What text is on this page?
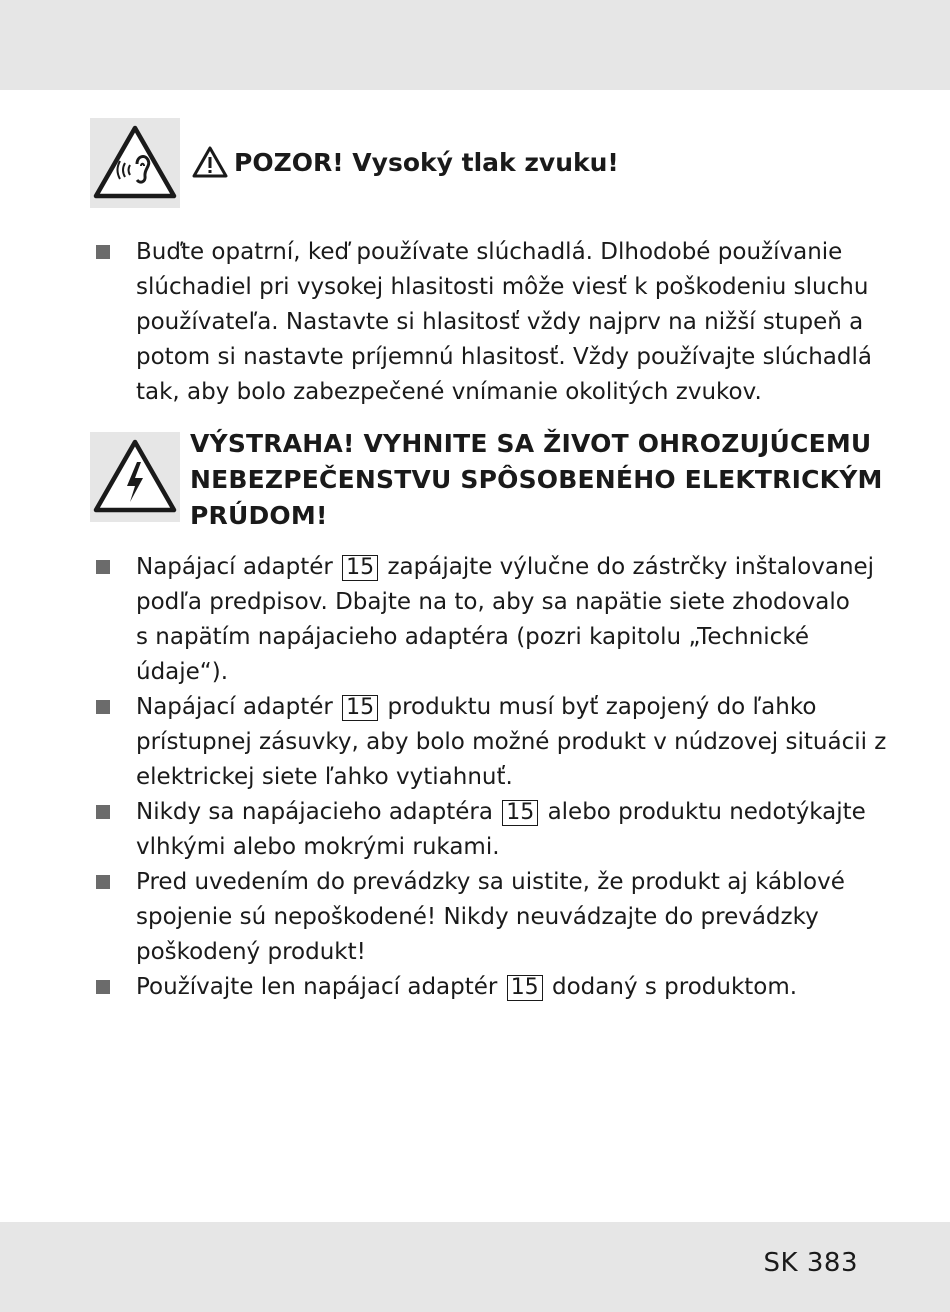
POZOR! Vysoký tlak zvuku!
Buďte opatrní, keď používate slúchadlá. Dlhodobé používanie
slúchadiel pri vysokej hlasitosti môže viesť k poškodeniu sluchu
používateľa. Nastavte si hlasitosť vždy najprv na nižší stupeň a
potom si nastavte príjemnú hlasitosť. Vždy používajte slúchadlá
tak, aby bolo zabezpečené vnímanie okolitých zvukov.
VÝSTRAHA! VYHNITE SA ŽIVOT OHROZUJÚCEMU
NEBEZPEČENSTVU SPÔSOBENÉHO ELEKTRICKÝM
PRÚDOM!
Napájací adaptér 15 zapájajte výlučne do zástrčky inštalovanej
podľa predpisov. Dbajte na to, aby sa napätie siete zhodovalo
s napätím napájacieho adaptéra (pozri kapitolu „Technické
údaje“).
Napájací adaptér 15 produktu musí byť zapojený do ľahko
prístupnej zásuvky, aby bolo možné produkt v núdzovej situácii z
elektrickej siete ľahko vytiahnuť.
Nikdy sa napájacieho adaptéra 15 alebo produktu nedotýkajte
vlhkými alebo mokrými rukami.
Pred uvedením do prevádzky sa uistite, že produkt aj káblové
spojenie sú nepoškodené! Nikdy neuvádzajte do prevádzky
poškodený produkt!
Používajte len napájací adaptér 15 dodaný s produktom.
SK 383
